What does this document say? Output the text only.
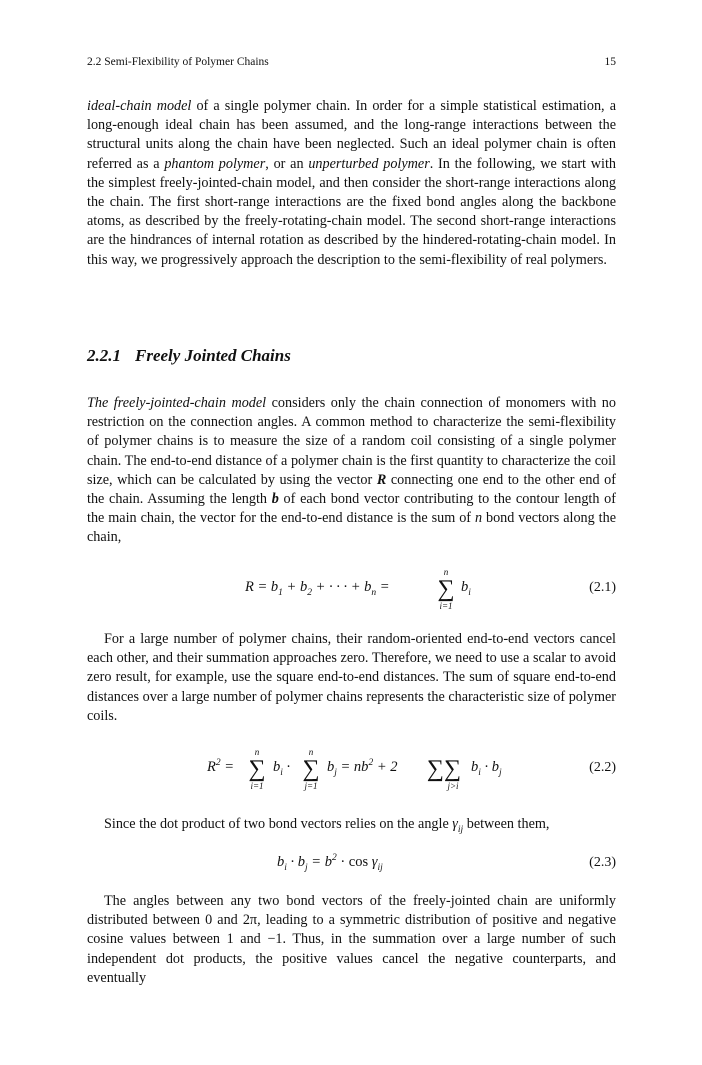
2.2 Semi-Flexibility of Polymer Chains	15

ideal-chain model of a single polymer chain. In order for a simple statistical estimation, a long-enough ideal chain has been assumed, and the long-range interactions between the structural units along the chain have been neglected. Such an ideal polymer chain is often referred as a phantom polymer, or an unperturbed polymer. In the following, we start with the simplest freely-jointed-chain model, and then consider the short-range interactions along the chain. The first short-range interactions are the fixed bond angles along the backbone atoms, as described by the freely-rotating-chain model. The second short-range interactions are the hindrances of internal rotation as described by the hindered-rotating-chain model. In this way, we progressively approach the description to the semi-flexibility of real polymers.

2.2.1 Freely Jointed Chains

The freely-jointed-chain model considers only the chain connection of monomers with no restriction on the connection angles. A common method to characterize the semi-flexibility of polymer chains is to measure the size of a random coil consisting of a single polymer chain. The end-to-end distance of a polymer chain is the first quantity to characterize the coil size, which can be calculated by using the vector R connecting one end to the other end of the chain. Assuming the length b of each bond vector contributing to the contour length of the main chain, the vector for the end-to-end distance is the sum of n bond vectors along the chain,

$R = b_1 + b_2$ + · · · + $b_n$ =
n
∑
i=1
$b_i$	(2.1)

For a large number of polymer chains, their random-oriented end-to-end vectors cancel each other, and their summation approaches zero. Therefore, we need to use a scalar to avoid zero result, for example, use the square end-to-end distances. The sum of square end-to-end distances over a large number of polymer chains represents the characteristic size of polymer coils.

$R^2$ =
n
∑
i=1
$b_i$ ·
n
∑
j=1
$b_j = nb^2 + 2$ ∑∑
j>i
$b_i \cdot b_j$	(2.2)

Since the dot product of two bond vectors relies on the angle $\gamma_{ij}$ between them,

$b_i \cdot b_j = b^2 \cdot \cos \gamma_{ij}$	(2.3)

The angles between any two bond vectors of the freely-jointed chain are uniformly distributed between 0 and 2π, leading to a symmetric distribution of positive and negative cosine values between 1 and −1. Thus, in the summation over a large number of such independent dot products, the positive values cancel the negative counterparts, and eventually
